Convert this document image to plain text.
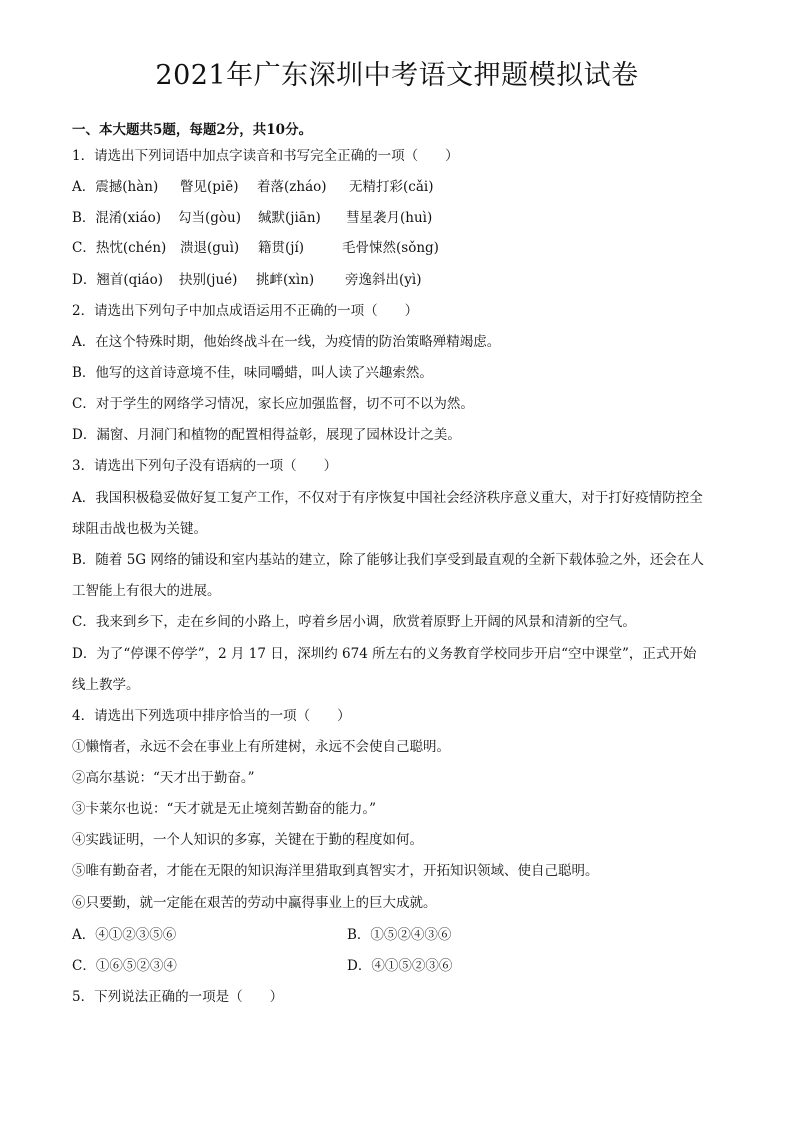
2021年广东深圳中考语文押题模拟试卷
一、本大题共5题，每题2分，共10分。
1．请选出下列词语中加点字读音和书写完全正确的一项（　　）
A．震撼(hàn) 瞥见(piē) 着落(zháo) 无精打彩(cǎi)
B．混淆(xiáo) 勾当(gòu) 缄默(jiān) 彗星袭月(huì)
C．热忱(chén) 溃退(guì) 籍贯(jí)	毛骨悚然(sǒng)
D．翘首(qiáo) 抉别(jué) 挑衅(xìn) 旁逸斜出(yì)
2．请选出下列句子中加点成语运用不正确的一项（　　）
A．在这个特殊时期，他始终战斗在一线，为疫情的防治策略殚精竭虑。
B．他写的这首诗意境不佳，味同嚼蜡，叫人读了兴趣索然。
C．对于学生的网络学习情况，家长应加强监督，切不可不以为然。
D．漏窗、月洞门和植物的配置相得益彰，展现了园林设计之美。
3．请选出下列句子没有语病的一项（　　）
A．我国积极稳妥做好复工复产工作，不仅对于有序恢复中国社会经济秩序意义重大，对于打好疫情防控全
球阻击战也极为关键。
B．随着 5G 网络的铺设和室内基站的建立，除了能够让我们享受到最直观的全新下载体验之外，还会在人
工智能上有很大的进展。
C．我来到乡下，走在乡间的小路上，哼着乡居小调，欣赏着原野上开阔的风景和清新的空气。
D．为了“停课不停学”，2 月 17 日，深圳约 674 所左右的义务教育学校同步开启“空中课堂”，正式开始
线上教学。
4．请选出下列选项中排序恰当的一项（　　）
①懒惰者，永远不会在事业上有所建树，永远不会使自己聪明。
②高尔基说：“天才出于勤奋。”
③卡莱尔也说：“天才就是无止境刻苦勤奋的能力。”
④实践证明，一个人知识的多寡，关键在于勤的程度如何。
⑤唯有勤奋者，才能在无限的知识海洋里猎取到真智实才，开拓知识领域、使自己聪明。
⑥只要勤，就一定能在艰苦的劳动中赢得事业上的巨大成就。
A．④①②③⑤⑥	B．①⑤②④③⑥
C．①⑥⑤②③④	D．④①⑤②③⑥
5．下列说法正确的一项是（　　）
